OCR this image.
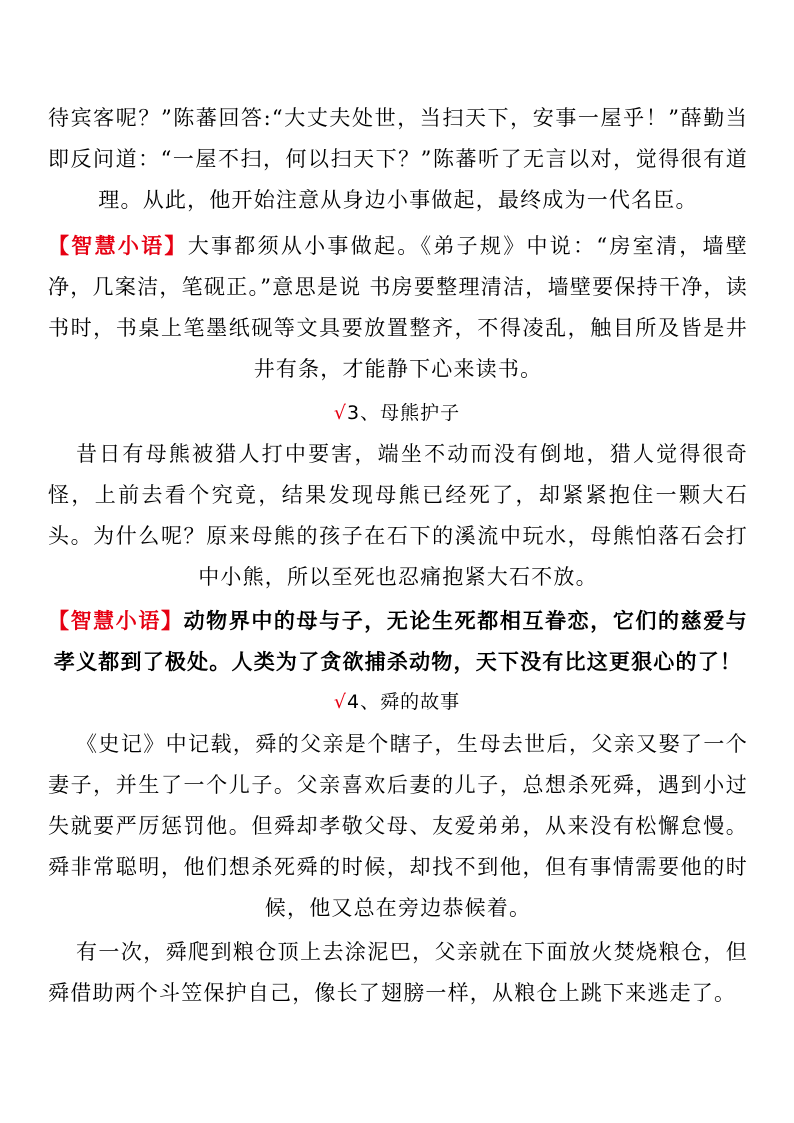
待宾客呢？”陈蕃回答:“大丈夫处世，当扫天下，安事一屋乎！”薛勤当即反问道：“一屋不扫，何以扫天下？”陈蕃听了无言以对，觉得很有道理。从此，他开始注意从身边小事做起，最终成为一代名臣。
【智慧小语】大事都须从小事做起。《弟子规》中说：“房室清，墙壁净，几案洁，笔砚正。”意思是说 书房要整理清洁，墙壁要保持干净，读书时，书桌上笔墨纸砚等文具要放置整齐，不得凌乱，触目所及皆是井井有条，才能静下心来读书。
√3、母熊护子
昔日有母熊被猎人打中要害，端坐不动而没有倒地，猎人觉得很奇怪，上前去看个究竟，结果发现母熊已经死了，却紧紧抱住一颗大石头。为什么呢？原来母熊的孩子在石下的溪流中玩水，母熊怕落石会打中小熊，所以至死也忍痛抱紧大石不放。
【智慧小语】动物界中的母与子，无论生死都相互眷恋，它们的慈爱与孝义都到了极处。人类为了贪欲捕杀动物，天下没有比这更狠心的了！
√4、舜的故事
《史记》中记载，舜的父亲是个瞎子，生母去世后，父亲又娶了一个妻子，并生了一个儿子。父亲喜欢后妻的儿子，总想杀死舜，遇到小过失就要严厉惩罚他。但舜却孝敬父母、友爱弟弟，从来没有松懈怠慢。舜非常聪明，他们想杀死舜的时候，却找不到他，但有事情需要他的时候，他又总在旁边恭候着。
有一次，舜爬到粮仓顶上去涂泥巴，父亲就在下面放火焚烧粮仓，但舜借助两个斗笠保护自己，像长了翅膀一样，从粮仓上跳下来逃走了。
